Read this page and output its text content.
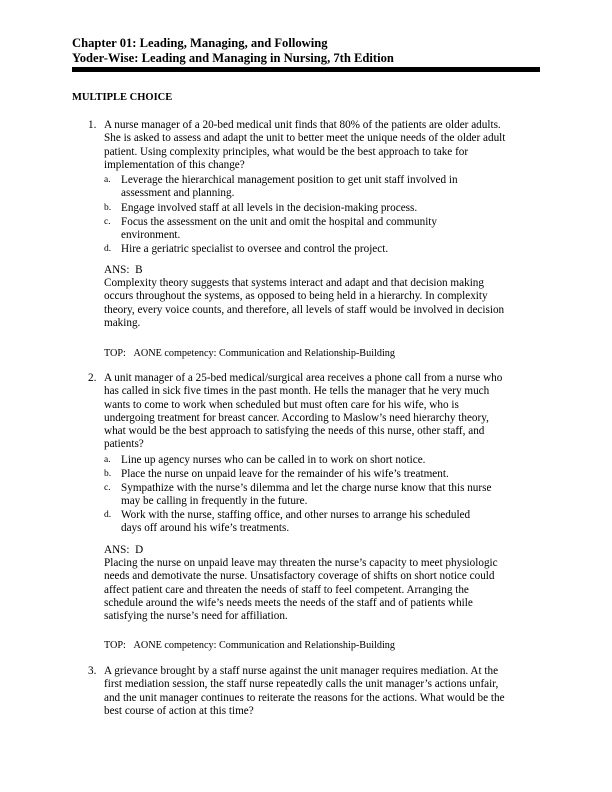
Chapter 01: Leading, Managing, and Following
Yoder-Wise: Leading and Managing in Nursing, 7th Edition
MULTIPLE CHOICE
1. A nurse manager of a 20-bed medical unit finds that 80% of the patients are older adults.
She is asked to assess and adapt the unit to better meet the unique needs of the older adult
patient. Using complexity principles, what would be the best approach to take for
implementation of this change?
a. Leverage the hierarchical management position to get unit staff involved in
assessment and planning.
b. Engage involved staff at all levels in the decision-making process.
c. Focus the assessment on the unit and omit the hospital and community
environment.
d. Hire a geriatric specialist to oversee and control the project.
ANS:  B
Complexity theory suggests that systems interact and adapt and that decision making
occurs throughout the systems, as opposed to being held in a hierarchy. In complexity
theory, every voice counts, and therefore, all levels of staff would be involved in decision
making.
TOP:   AONE competency: Communication and Relationship-Building
2. A unit manager of a 25-bed medical/surgical area receives a phone call from a nurse who
has called in sick five times in the past month. He tells the manager that he very much
wants to come to work when scheduled but must often care for his wife, who is
undergoing treatment for breast cancer. According to Maslow’s need hierarchy theory,
what would be the best approach to satisfying the needs of this nurse, other staff, and
patients?
a. Line up agency nurses who can be called in to work on short notice.
b. Place the nurse on unpaid leave for the remainder of his wife’s treatment.
c. Sympathize with the nurse’s dilemma and let the charge nurse know that this nurse
may be calling in frequently in the future.
d. Work with the nurse, staffing office, and other nurses to arrange his scheduled
days off around his wife’s treatments.
ANS:  D
Placing the nurse on unpaid leave may threaten the nurse’s capacity to meet physiologic
needs and demotivate the nurse. Unsatisfactory coverage of shifts on short notice could
affect patient care and threaten the needs of staff to feel competent. Arranging the
schedule around the wife’s needs meets the needs of the staff and of patients while
satisfying the nurse’s need for affiliation.
TOP:   AONE competency: Communication and Relationship-Building
3. A grievance brought by a staff nurse against the unit manager requires mediation. At the
first mediation session, the staff nurse repeatedly calls the unit manager’s actions unfair,
and the unit manager continues to reiterate the reasons for the actions. What would be the
best course of action at this time?
